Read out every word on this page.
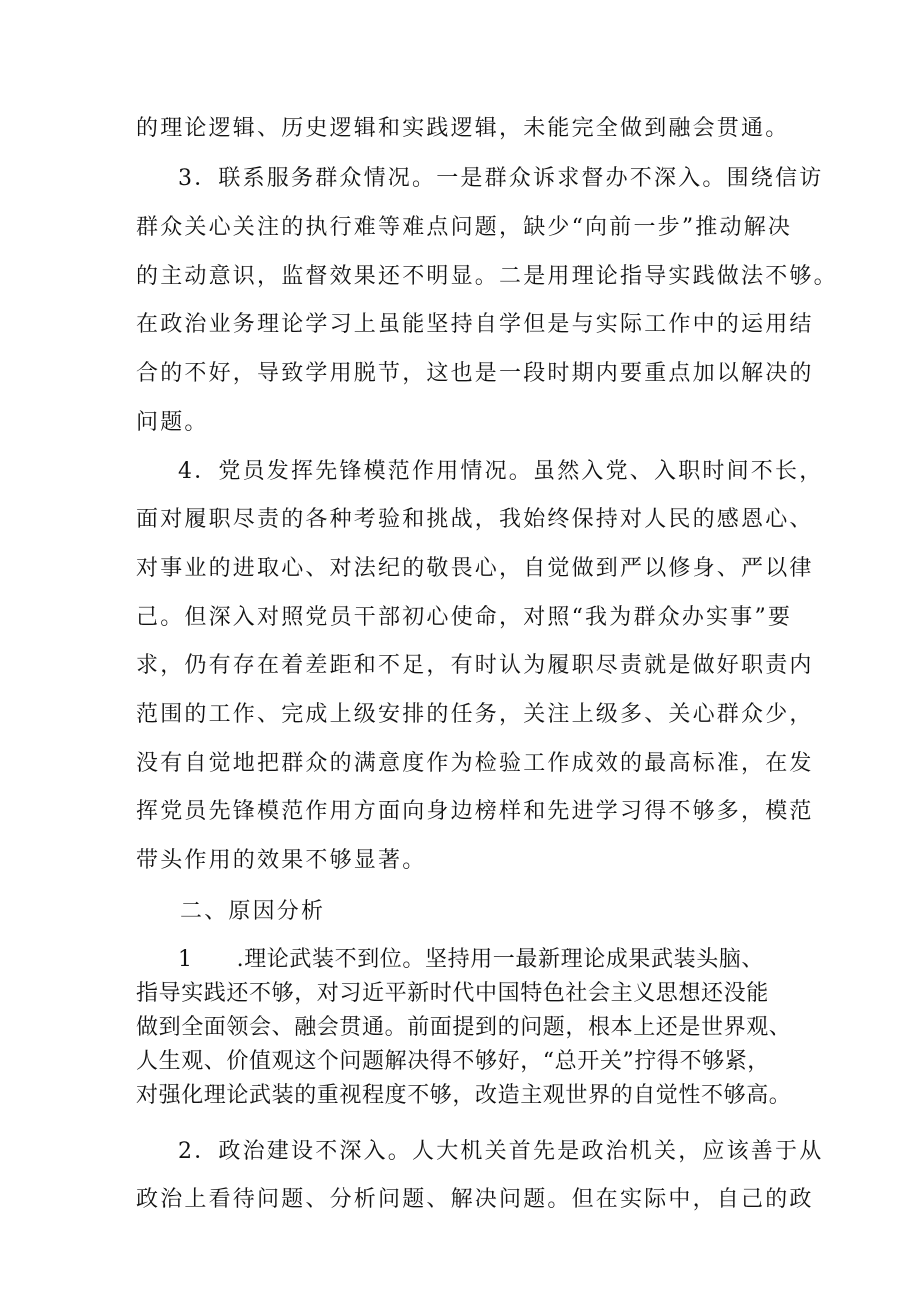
的理论逻辑、历史逻辑和实践逻辑，未能完全做到融会贯通。
3．联系服务群众情况。一是群众诉求督办不深入。围绕信访
群众关心关注的执行难等难点问题，缺少“向前一步”推动解决
的主动意识，监督效果还不明显。二是用理论指导实践做法不够。
在政治业务理论学习上虽能坚持自学但是与实际工作中的运用结
合的不好，导致学用脱节，这也是一段时期内要重点加以解决的
问题。
4．党员发挥先锋模范作用情况。虽然入党、入职时间不长，
面对履职尽责的各种考验和挑战，我始终保持对人民的感恩心、
对事业的进取心、对法纪的敬畏心，自觉做到严以修身、严以律
己。但深入对照党员干部初心使命，对照“我为群众办实事”要
求，仍有存在着差距和不足，有时认为履职尽责就是做好职责内
范围的工作、完成上级安排的任务，关注上级多、关心群众少，
没有自觉地把群众的满意度作为检验工作成效的最高标准，在发
挥党员先锋模范作用方面向身边榜样和先进学习得不够多，模范
带头作用的效果不够显著。
二、原因分析
1 .理论武装不到位。坚持用一最新理论成果武装头脑、
指导实践还不够，对习近平新时代中国特色社会主义思想还没能
做到全面领会、融会贯通。前面提到的问题，根本上还是世界观、
人生观、价值观这个问题解决得不够好，“总开关”拧得不够紧，
对强化理论武装的重视程度不够，改造主观世界的自觉性不够高。
2．政治建设不深入。人大机关首先是政治机关，应该善于从
政治上看待问题、分析问题、解决问题。但在实际中，自己的政
